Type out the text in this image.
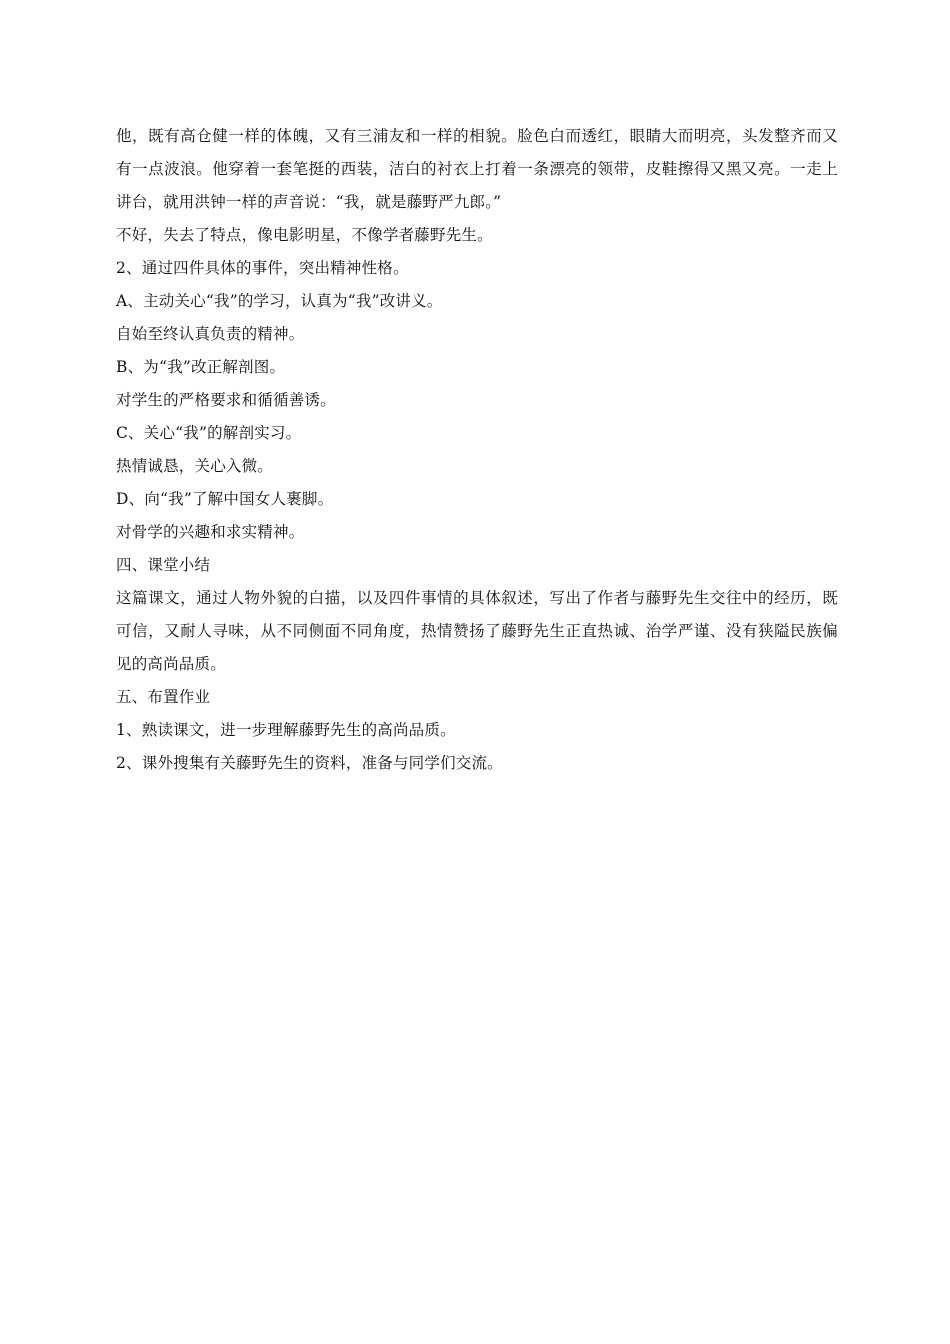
他，既有高仓健一样的体魄，又有三浦友和一样的相貌。脸色白而透红，眼睛大而明亮，头发整齐而又有一点波浪。他穿着一套笔挺的西装，洁白的衬衣上打着一条漂亮的领带，皮鞋擦得又黑又亮。一走上讲台，就用洪钟一样的声音说：“我，就是藤野严九郎。”

不好，失去了特点，像电影明星，不像学者藤野先生。

2、通过四件具体的事件，突出精神性格。

A、主动关心“我”的学习，认真为“我”改讲义。

自始至终认真负责的精神。

B、为“我”改正解剖图。

对学生的严格要求和循循善诱。

C、关心“我”的解剖实习。

热情诚恳，关心入微。

D、向“我”了解中国女人裹脚。

对骨学的兴趣和求实精神。

四、课堂小结

这篇课文，通过人物外貌的白描，以及四件事情的具体叙述，写出了作者与藤野先生交往中的经历，既可信，又耐人寻味，从不同侧面不同角度，热情赞扬了藤野先生正直热诚、治学严谨、没有狭隘民族偏见的高尚品质。

五、布置作业

1、熟读课文，进一步理解藤野先生的高尚品质。

2、课外搜集有关藤野先生的资料，准备与同学们交流。
